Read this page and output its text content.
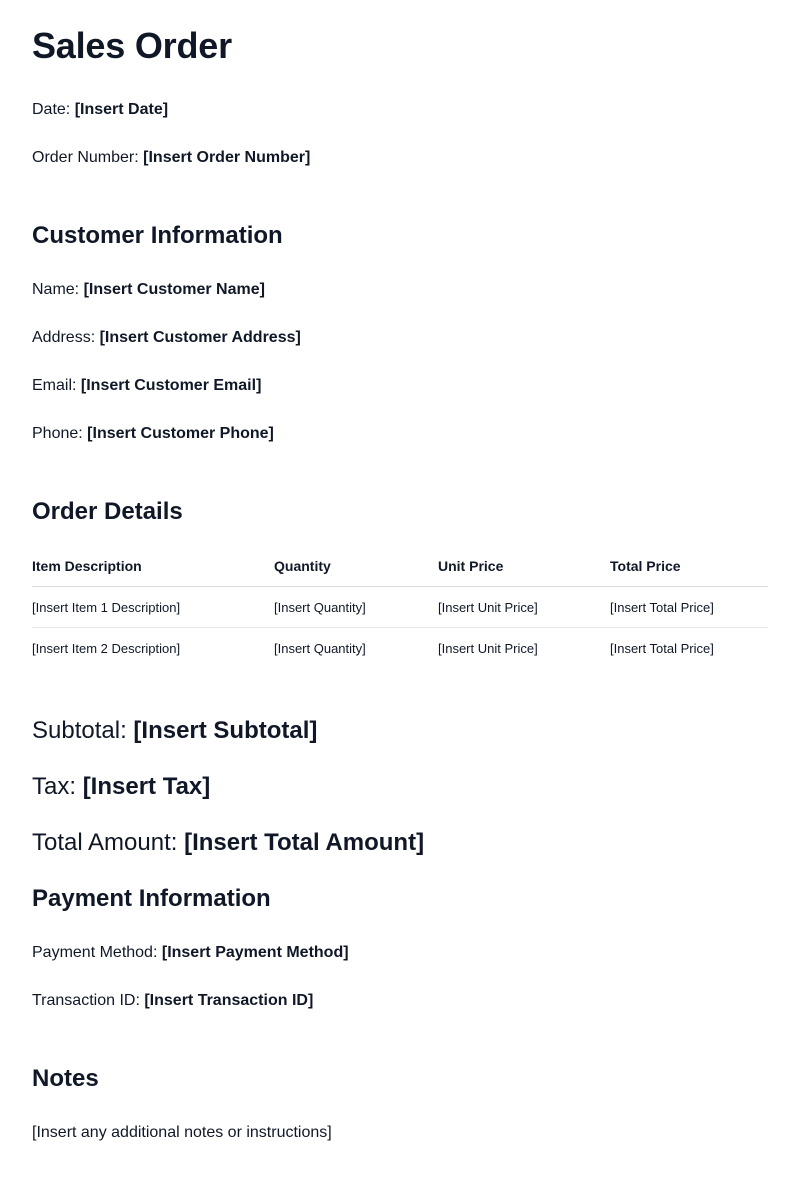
Sales Order

Date: [Insert Date]

Order Number: [Insert Order Number]

Customer Information

Name: [Insert Customer Name]

Address: [Insert Customer Address]

Email: [Insert Customer Email]

Phone: [Insert Customer Phone]

Order Details
Item Description	Quantity	Unit Price	Total Price
[Insert Item 1 Description]	[Insert Quantity]	[Insert Unit Price]	[Insert Total Price]
[Insert Item 2 Description]	[Insert Quantity]	[Insert Unit Price]	[Insert Total Price]
Subtotal: [Insert Subtotal]
Tax: [Insert Tax]
Total Amount: [Insert Total Amount]
Payment Information

Payment Method: [Insert Payment Method]

Transaction ID: [Insert Transaction ID]

Notes

[Insert any additional notes or instructions]
